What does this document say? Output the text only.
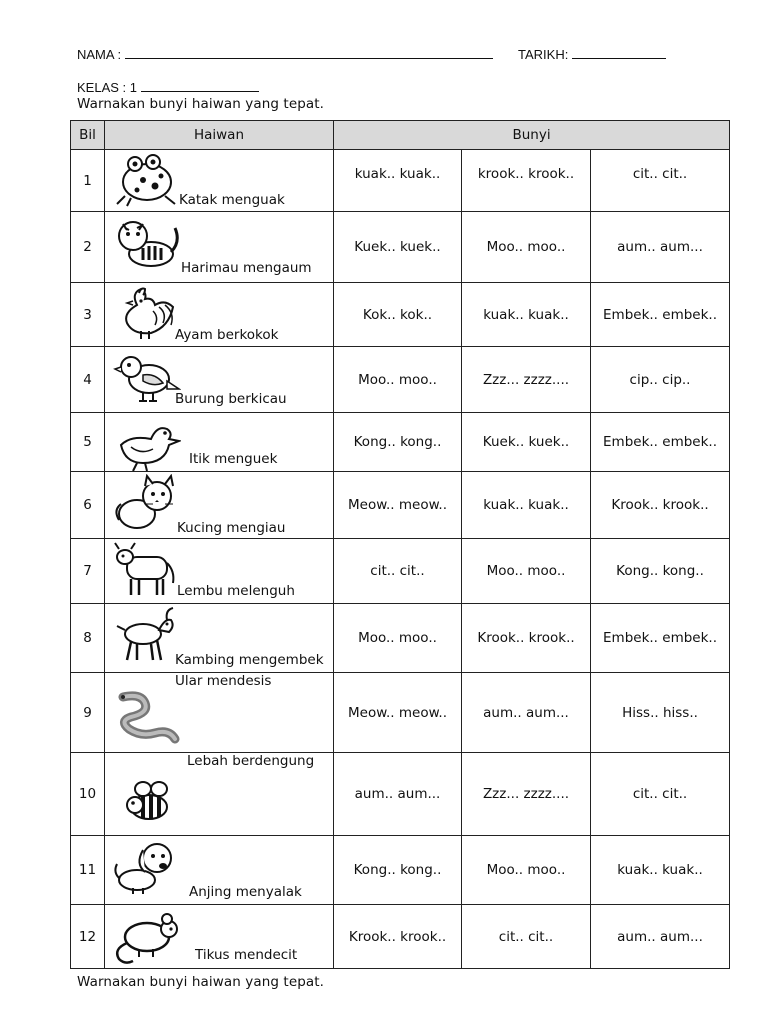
NAMA :	TARIKH:
KELAS : 1
Warnakan bunyi haiwan yang tepat.
Bil	Haiwan	Bunyi		
1	Katak menguak	kuak.. kuak..	krook.. krook..	cit.. cit..
2	Harimau mengaum	Kuek.. kuek..	Moo.. moo..	aum.. aum...
3	Ayam berkokok	Kok.. kok..	kuak.. kuak..	Embek.. embek..
4	Burung berkicau	Moo.. moo..	Zzz... zzzz....	cip.. cip..
5	Itik menguek	Kong.. kong..	Kuek.. kuek..	Embek.. embek..
6	Kucing mengiau	Meow.. meow..	kuak.. kuak..	Krook.. krook..
7	Lembu melenguh	cit.. cit..	Moo.. moo..	Kong.. kong..
8	Kambing mengembek	Moo.. moo..	Krook.. krook..	Embek.. embek..
9	Ular mendesis	Meow.. meow..	aum.. aum...	Hiss.. hiss..
10	Lebah berdengung	aum.. aum...	Zzz... zzzz....	cit.. cit..
11	Anjing menyalak	Kong.. kong..	Moo.. moo..	kuak.. kuak..
12	Tikus mendecit	Krook.. krook..	cit.. cit..	aum.. aum...
Warnakan bunyi haiwan yang tepat.
